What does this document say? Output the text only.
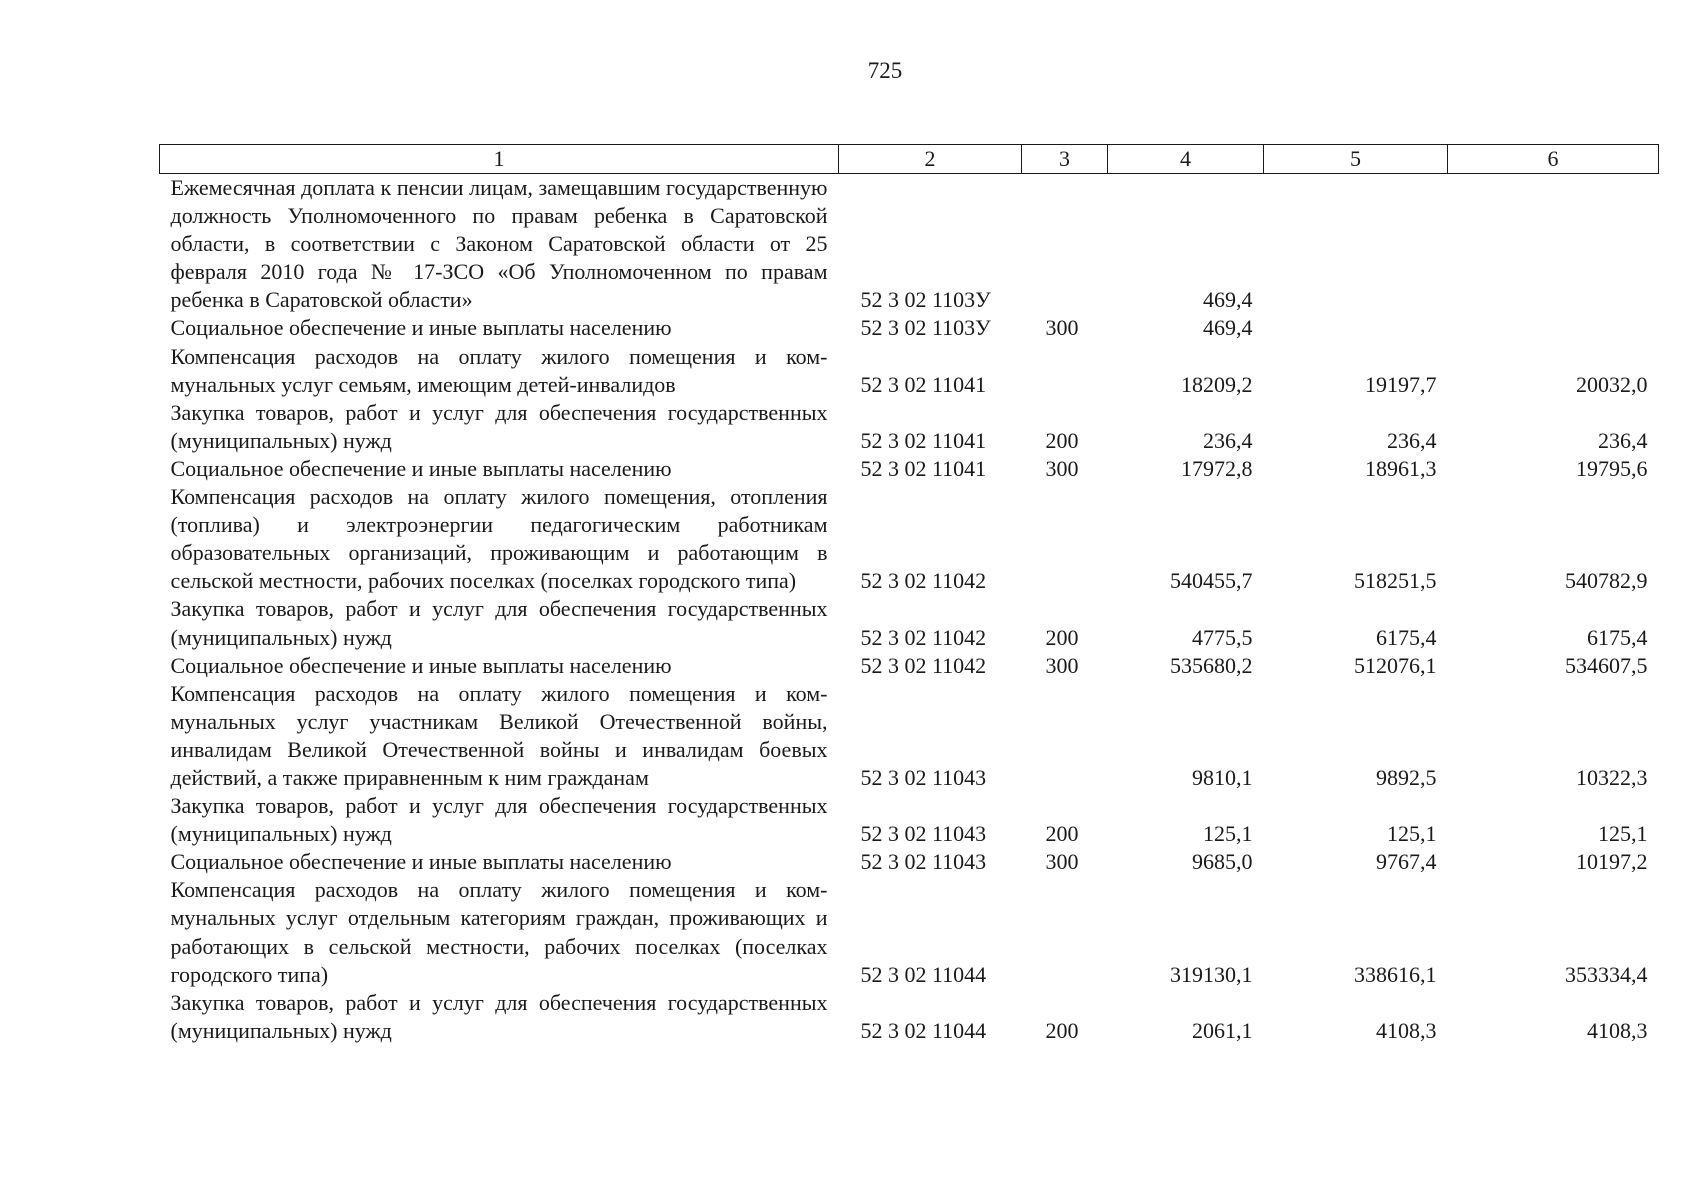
725
1	2	3	4	5	6
Ежемесячная доплата к пенсии лицам, замещавшим государственную должность Уполномоченного по правам ребенка в Саратовской области, в соответствии с Законом Саратовской области от 25 февраля 2010 года № 17-ЗСО «Об Уполномоченном по правам ребенка в Саратовской области»	52 3 02 1103У		469,4		
Социальное обеспечение и иные выплаты населению	52 3 02 1103У	300	469,4		
Компенсация расходов на оплату жилого помещения и коммунальных услуг семьям, имеющим детей-инвалидов	52 3 02 11041		18209,2	19197,7	20032,0
Закупка товаров, работ и услуг для обеспечения государственных (муниципальных) нужд	52 3 02 11041	200	236,4	236,4	236,4
Социальное обеспечение и иные выплаты населению	52 3 02 11041	300	17972,8	18961,3	19795,6
Компенсация расходов на оплату жилого помещения, отопления (топлива) и электроэнергии педагогическим работникам образовательных организаций, проживающим и работающим в сельской местности, рабочих поселках (поселках городского типа)	52 3 02 11042		540455,7	518251,5	540782,9
Закупка товаров, работ и услуг для обеспечения государственных (муниципальных) нужд	52 3 02 11042	200	4775,5	6175,4	6175,4
Социальное обеспечение и иные выплаты населению	52 3 02 11042	300	535680,2	512076,1	534607,5
Компенсация расходов на оплату жилого помещения и коммунальных услуг участникам Великой Отечественной войны, инвалидам Великой Отечественной войны и инвалидам боевых действий, а также приравненным к ним гражданам	52 3 02 11043		9810,1	9892,5	10322,3
Закупка товаров, работ и услуг для обеспечения государственных (муниципальных) нужд	52 3 02 11043	200	125,1	125,1	125,1
Социальное обеспечение и иные выплаты населению	52 3 02 11043	300	9685,0	9767,4	10197,2
Компенсация расходов на оплату жилого помещения и коммунальных услуг отдельным категориям граждан, проживающих и работающих в сельской местности, рабочих поселках (поселках городского типа)	52 3 02 11044		319130,1	338616,1	353334,4
Закупка товаров, работ и услуг для обеспечения государственных (муниципальных) нужд	52 3 02 11044	200	2061,1	4108,3	4108,3
